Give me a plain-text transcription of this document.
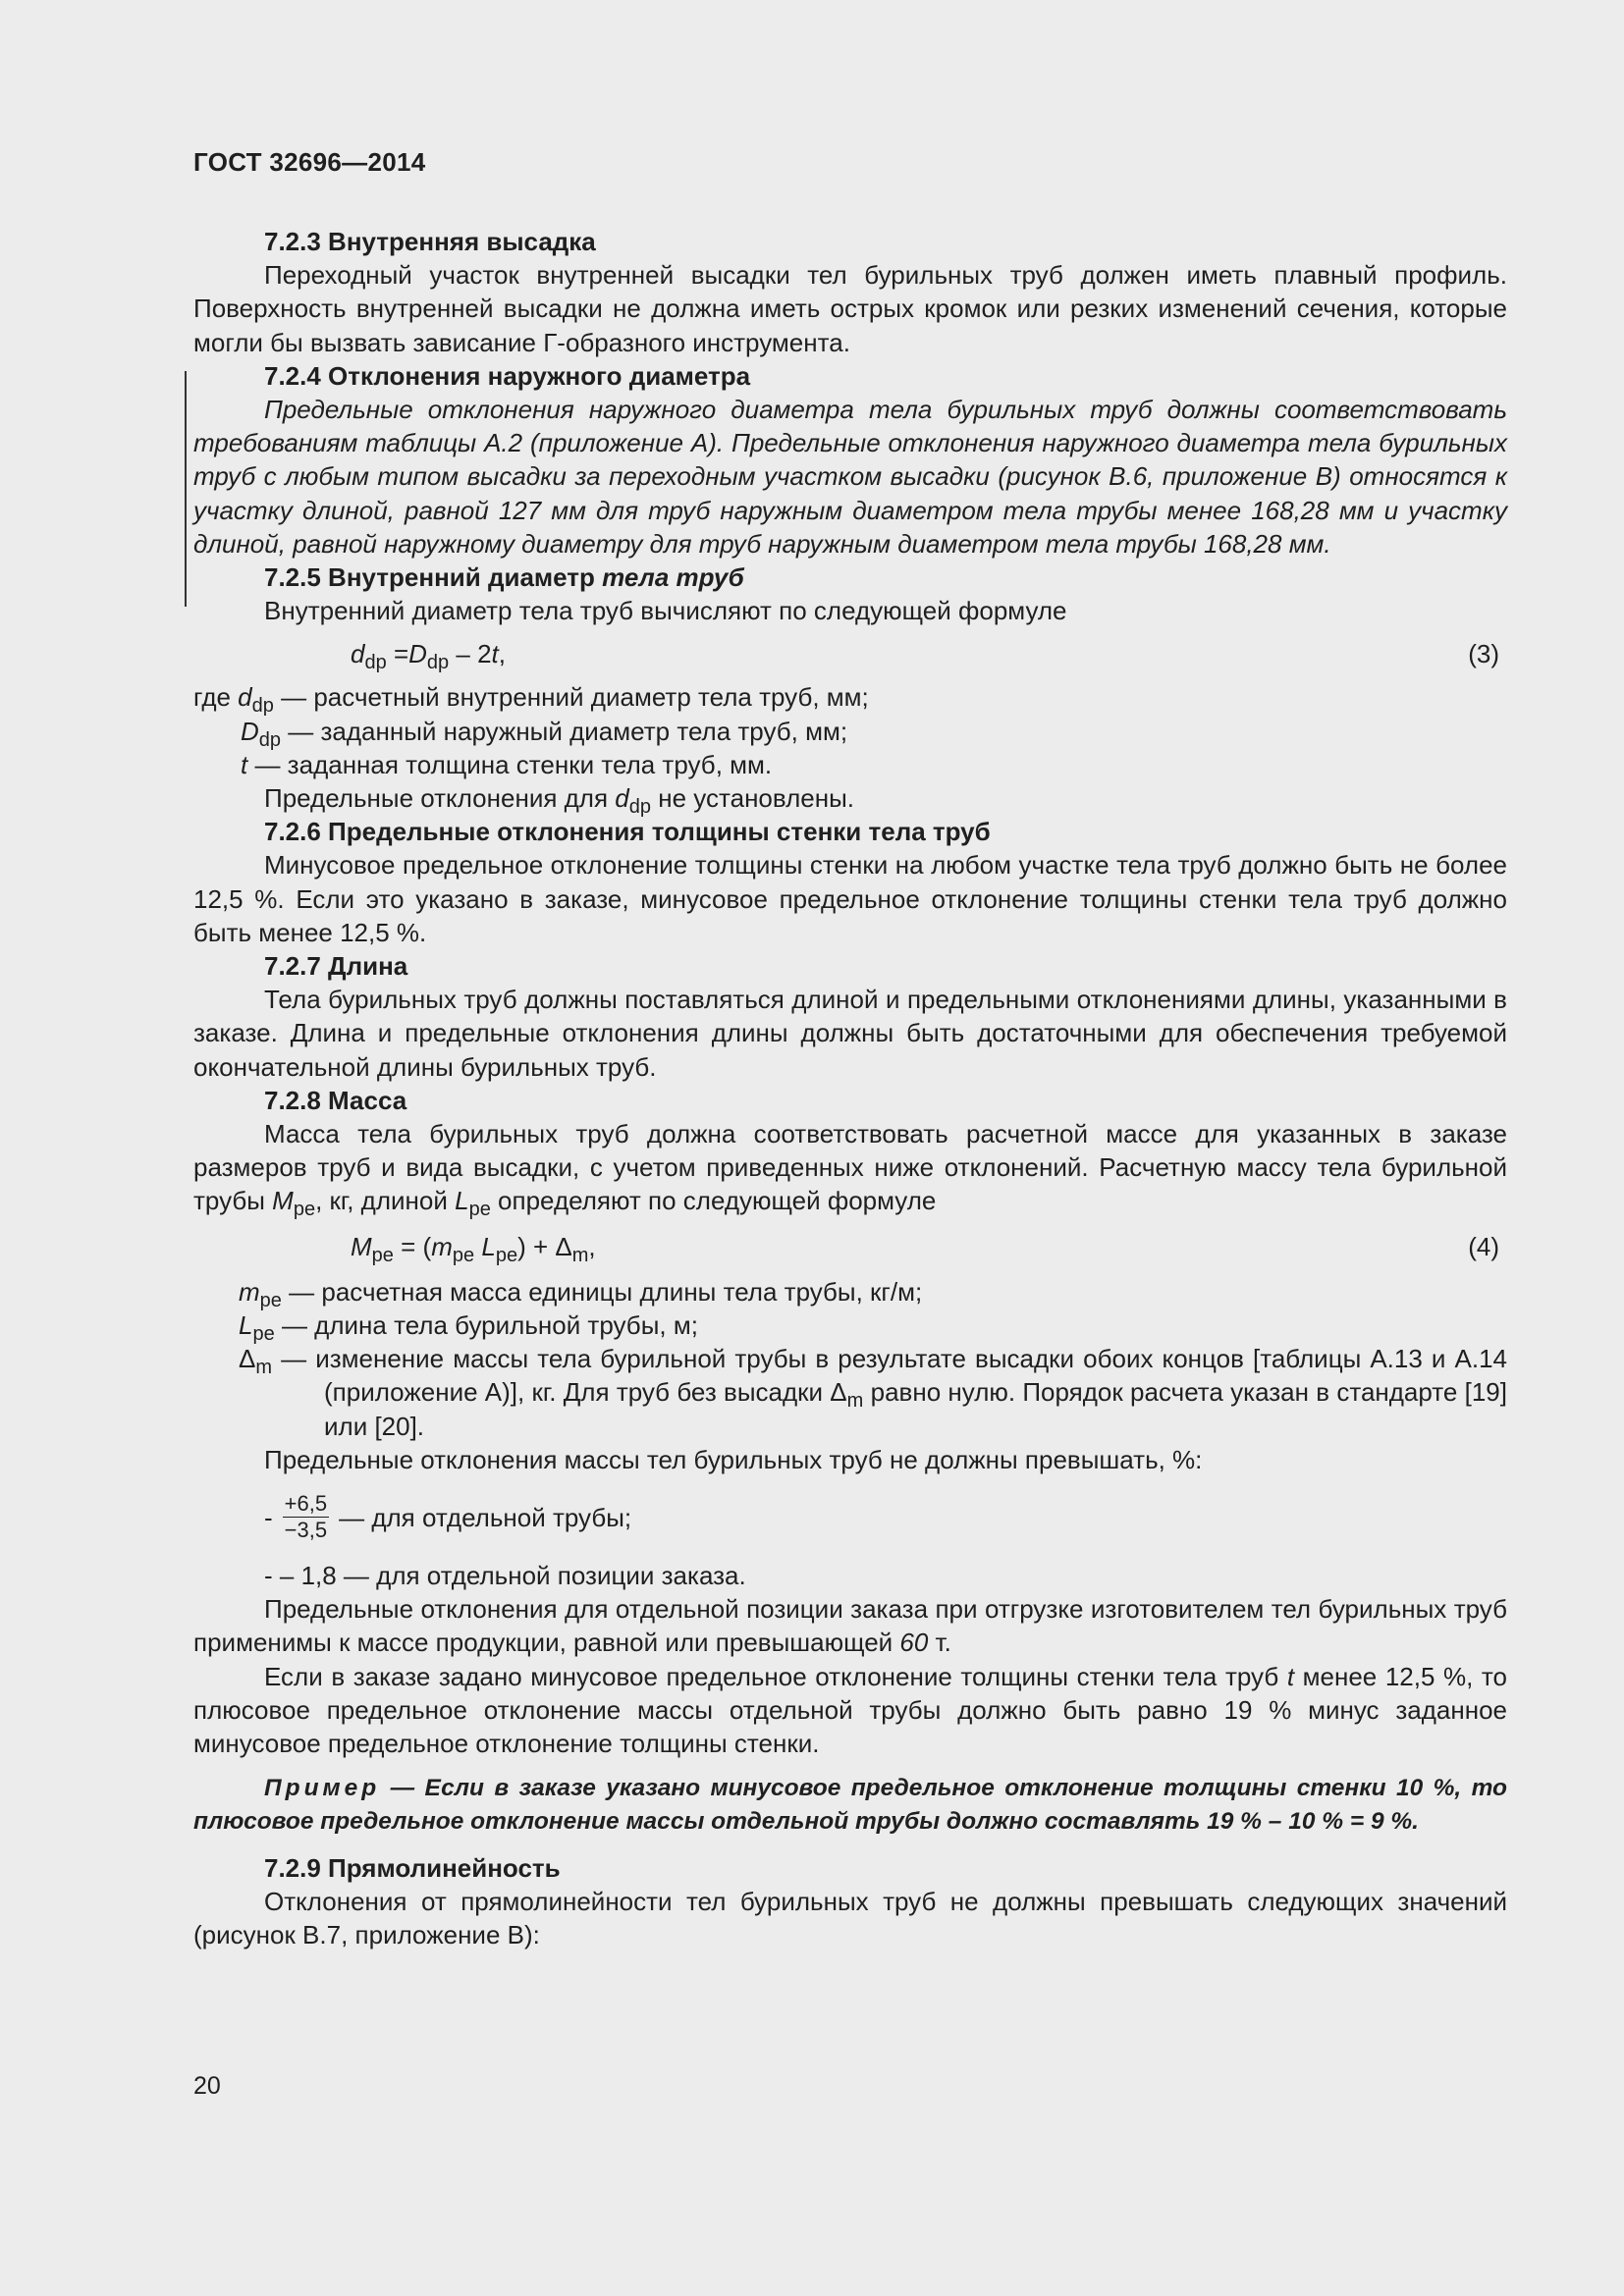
ГОСТ 32696—2014

7.2.3 Внутренняя высадка

Переходный участок внутренней высадки тел бурильных труб должен иметь плавный профиль. Поверхность внутренней высадки не должна иметь острых кромок или резких изменений сечения, которые могли бы вызвать зависание Г-образного инструмента.

7.2.4 Отклонения наружного диаметра

Предельные отклонения наружного диаметра тела бурильных труб должны соответствовать требованиям таблицы А.2 (приложение А). Предельные отклонения наружного диаметра тела бурильных труб с любым типом высадки за переходным участком высадки (рисунок В.6, приложение В) относятся к участку длиной, равной 127 мм для труб наружным диаметром тела трубы менее 168,28 мм и участку длиной, равной наружному диаметру для труб наружным диаметром тела трубы 168,28 мм.

7.2.5 Внутренний диаметр тела труб

Внутренний диаметр тела труб вычисляют по следующей формуле

$d_{dp} =D_{dp} - 2t$,	(3)

где $d_{dp}$ — расчетный внутренний диаметр тела труб, мм;

$D_{dp}$ — заданный наружный диаметр тела труб, мм;

t — заданная толщина стенки тела труб, мм.

Предельные отклонения для $d_{dp}$ не установлены.

7.2.6 Предельные отклонения толщины стенки тела труб

Минусовое предельное отклонение толщины стенки на любом участке тела труб должно быть не более 12,5 %. Если это указано в заказе, минусовое предельное отклонение толщины стенки тела труб должно быть менее 12,5 %.

7.2.7 Длина

Тела бурильных труб должны поставляться длиной и предельными отклонениями длины, указанными в заказе. Длина и предельные отклонения длины должны быть достаточными для обеспечения требуемой окончательной длины бурильных труб.

7.2.8 Масса

Масса тела бурильных труб должна соответствовать расчетной массе для указанных в заказе размеров труб и вида высадки, с учетом приведенных ниже отклонений. Расчетную массу тела бурильной трубы $M_{pe}$, кг, длиной $L_{pe}$ определяют по следующей формуле

$M_{pe} = (m_{pe}$ $L_{pe}) + \Delta_m$,	(4)

$m_{pe}$ — расчетная масса единицы длины тела трубы, кг/м;

$L_{pe}$ — длина тела бурильной трубы, м;

$\Delta_m$ — изменение массы тела бурильной трубы в результате высадки обоих концов [таблицы А.13 и А.14 (приложение А)], кг. Для труб без высадки $\Delta_m$ равно нулю. Порядок расчета указан в стандарте [19] или [20].

Предельные отклонения массы тел бурильных труб не должны превышать, %:

- $\frac{+6,5}{-3,5}$ — для отдельной трубы;

- – 1,8 — для отдельной позиции заказа.

Предельные отклонения для отдельной позиции заказа при отгрузке изготовителем тел бурильных труб применимы к массе продукции, равной или превышающей 60 т.

Если в заказе задано минусовое предельное отклонение толщины стенки тела труб t менее 12,5 %, то плюсовое предельное отклонение массы отдельной трубы должно быть равно 19 % минус заданное минусовое предельное отклонение толщины стенки.

Пример — Если в заказе указано минусовое предельное отклонение толщины стенки 10 %, то плюсовое предельное отклонение массы отдельной трубы должно составлять 19 % – 10 % = 9 %.

7.2.9 Прямолинейность

Отклонения от прямолинейности тел бурильных труб не должны превышать следующих значений (рисунок В.7, приложение В):

20
